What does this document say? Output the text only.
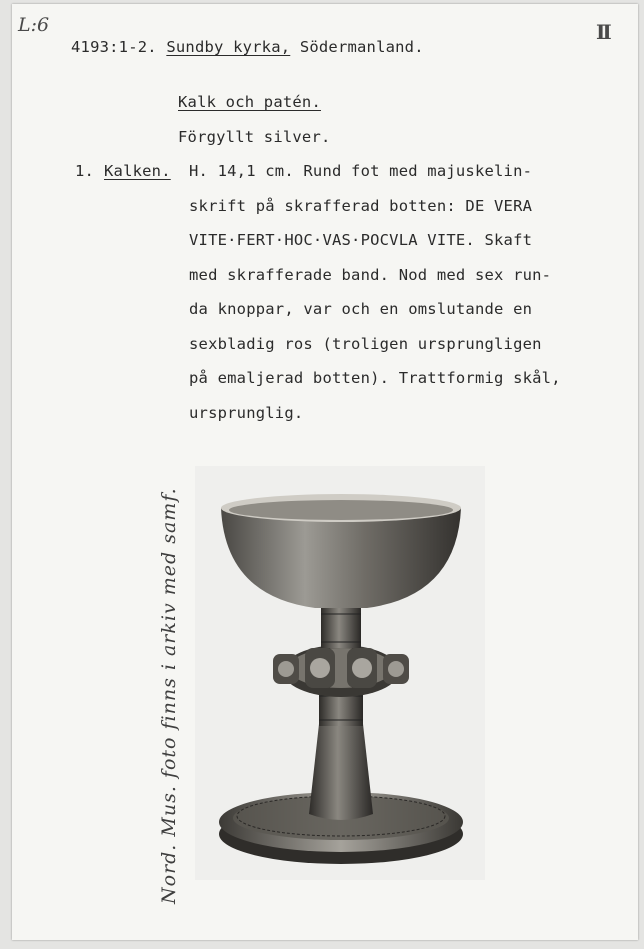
L:6	II
4193:1-2. Sundby kyrka, Södermanland.
Kalk och patén.
Förgyllt silver.
1. Kalken. H. 14,1 cm. Rund fot med majuskelin-
skrift på skrafferad botten: DE VERA
VITE·FERT·HOC·VAS·POCVLA VITE. Skaft
med skrafferade band. Nod med sex run-
da knoppar, var och en omslutande en
sexbladig ros (troligen ursprungligen
på emaljerad botten). Trattformig skål,
ursprunglig.
Nord. Mus. foto finns i arkiv med samf.
